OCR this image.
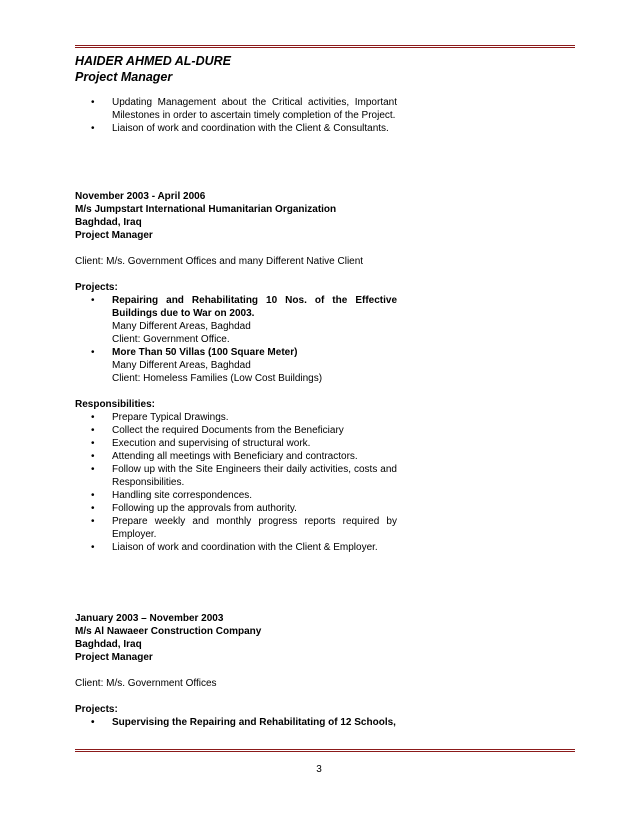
HAIDER AHMED AL-DURE
Project Manager
• Updating Management about the Critical activities, Important Milestones in order to ascertain timely completion of the Project.
• Liaison of work and coordination with the Client & Consultants.
November 2003 - April 2006
M/s Jumpstart International Humanitarian Organization
Baghdad, Iraq
Project Manager
Client: M/s. Government Offices and many Different Native Client
Projects:
• Repairing and Rehabilitating 10 Nos. of the Effective Buildings due to War on 2003.
Many Different Areas, Baghdad
Client: Government Office.
• More Than 50 Villas (100 Square Meter)
Many Different Areas, Baghdad
Client: Homeless Families (Low Cost Buildings)
Responsibilities:
• Prepare Typical Drawings.
• Collect the required Documents from the Beneficiary
• Execution and supervising of structural work.
• Attending all meetings with Beneficiary and contractors.
• Follow up with the Site Engineers their daily activities, costs and Responsibilities.
• Handling site correspondences.
• Following up the approvals from authority.
• Prepare weekly and monthly progress reports required by Employer.
• Liaison of work and coordination with the Client & Employer.
January 2003 – November 2003
M/s Al Nawaeer Construction Company
Baghdad, Iraq
Project Manager
Client: M/s. Government Offices
Projects:
• Supervising the Repairing and Rehabilitating of 12 Schools,
3
